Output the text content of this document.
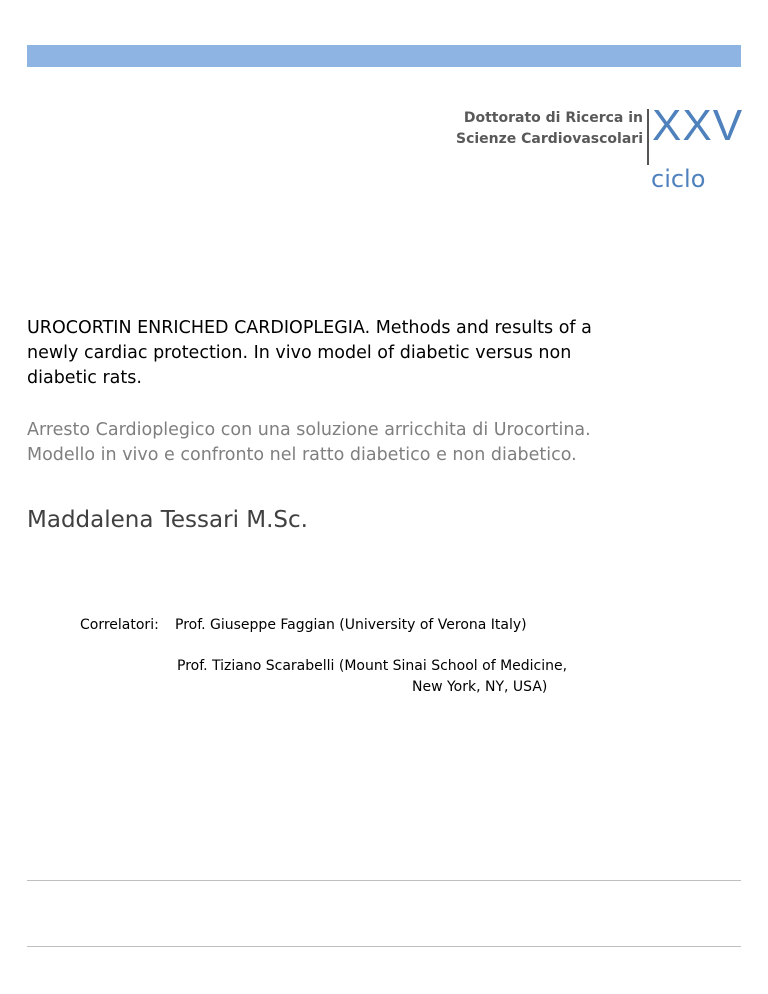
Dottorato di Ricerca in
Scienze Cardiovascolari XXV
ciclo
UROCORTIN ENRICHED CARDIOPLEGIA. Methods and results of a
newly cardiac protection. In vivo model of diabetic versus non
diabetic rats.
Arresto Cardioplegico con una soluzione arricchita di Urocortina.
Modello in vivo e confronto nel ratto diabetico e non diabetico.
Maddalena Tessari M.Sc.
Correlatori: Prof. Giuseppe Faggian (University of Verona Italy)
Prof. Tiziano Scarabelli (Mount Sinai School of Medicine,
New York, NY, USA)
